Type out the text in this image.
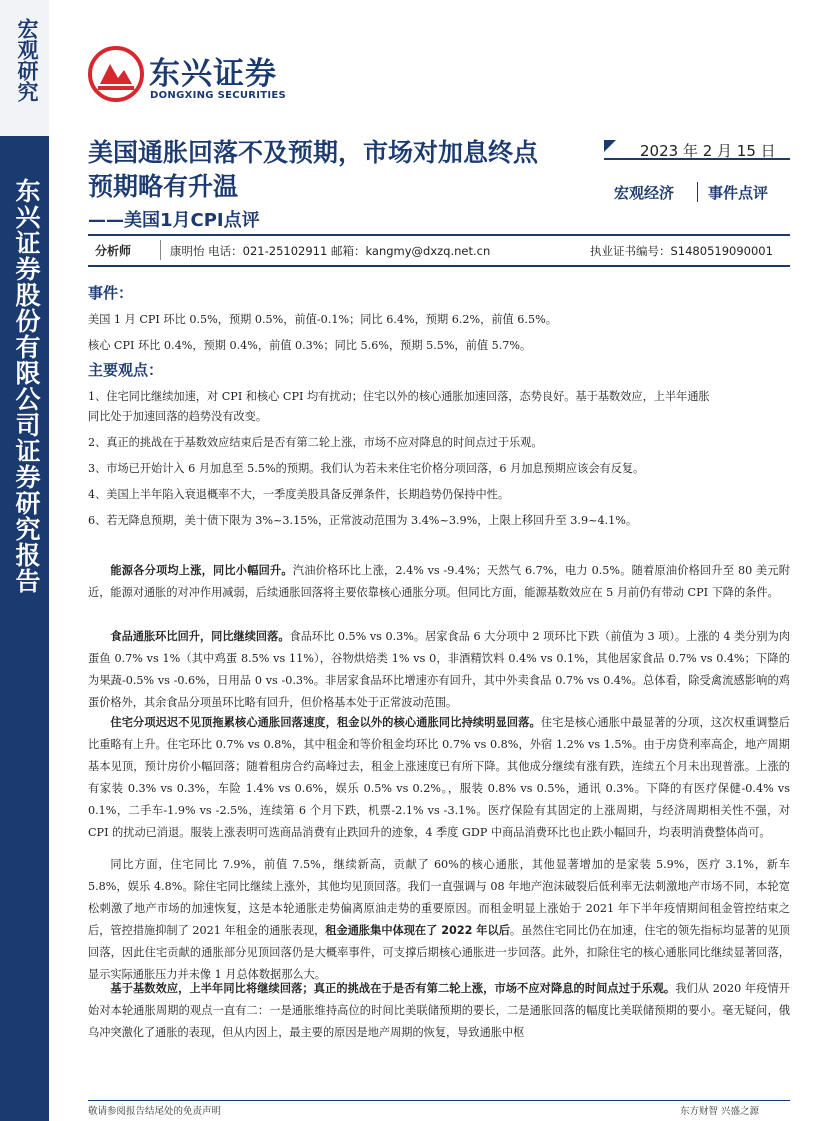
宏观研究
东兴证券股份有限公司证券研究报告
东兴证券
DONGXING SECURITIES
美国通胀回落不及预期，市场对加息终点
预期略有升温
——美国1月CPI点评
2023 年 2 月 15 日
宏观经济 事件点评
分析师	康明怡 电话：021-25102911 邮箱：kangmy@dxzq.net.cn	执业证书编号：S1480519090001
事件：
美国 1 月 CPI 环比 0.5%，预期 0.5%，前值-0.1%；同比 6.4%，预期 6.2%，前值 6.5%。
核心 CPI 环比 0.4%，预期 0.4%，前值 0.3%；同比 5.6%，预期 5.5%，前值 5.7%。
主要观点：
1、住宅同比继续加速，对 CPI 和核心 CPI 均有扰动；住宅以外的核心通胀加速回落，态势良好。基于基数效应，上半年通胀
同比处于加速回落的趋势没有改变。
2、真正的挑战在于基数效应结束后是否有第二轮上涨，市场不应对降息的时间点过于乐观。
3、市场已开始计入 6 月加息至 5.5%的预期。我们认为若未来住宅价格分项回落，6 月加息预期应该会有反复。
4、美国上半年陷入衰退概率不大，一季度美股具备反弹条件，长期趋势仍保持中性。
6、若无降息预期，美十债下限为 3%~3.15%，正常波动范围为 3.4%~3.9%，上限上移回升至 3.9~4.1%。
能源各分项均上涨，同比小幅回升。汽油价格环比上涨，2.4% vs -9.4%；天然气 6.7%，电力 0.5%。随着原油价格回升至 80 美元附近，能源对通胀的对冲作用减弱，后续通胀回落将主要依靠核心通胀分项。但同比方面，能源基数效应在 5 月前仍有带动 CPI 下降的条件。
食品通胀环比回升，同比继续回落。食品环比 0.5% vs 0.3%。居家食品 6 大分项中 2 项环比下跌（前值为 3 项）。上涨的 4 类分别为肉蛋鱼 0.7% vs 1%（其中鸡蛋 8.5% vs 11%），谷物烘焙类 1% vs 0，非酒精饮料 0.4% vs 0.1%，其他居家食品 0.7% vs 0.4%；下降的为果蔬-0.5% vs -0.6%，日用品 0 vs -0.3%。非居家食品环比增速亦有回升，其中外卖食品 0.7% vs 0.4%。总体看，除受禽流感影响的鸡蛋价格外，其余食品分项虽环比略有回升，但价格基本处于正常波动范围。
住宅分项迟迟不见顶拖累核心通胀回落速度，租金以外的核心通胀同比持续明显回落。住宅是核心通胀中最显著的分项，这次权重调整后比重略有上升。住宅环比 0.7% vs 0.8%，其中租金和等价租金均环比 0.7% vs 0.8%，外宿 1.2% vs 1.5%。由于房贷利率高企，地产周期基本见顶，预计房价小幅回落；随着租房合约高峰过去，租金上涨速度已有所下降。其他成分继续有涨有跌，连续五个月未出现普涨。上涨的有家装 0.3% vs 0.3%，车险 1.4% vs 0.6%，娱乐 0.5% vs 0.2%。，服装 0.8% vs 0.5%，通讯 0.3%。下降的有医疗保健-0.4% vs 0.1%，二手车-1.9% vs -2.5%，连续第 6 个月下跌，机票-2.1% vs -3.1%。医疗保险有其固定的上涨周期，与经济周期相关性不强，对 CPI 的扰动已消退。服装上涨表明可选商品消费有止跌回升的迹象，4 季度 GDP 中商品消费环比也止跌小幅回升，均表明消费整体尚可。
同比方面，住宅同比 7.9%，前值 7.5%，继续新高，贡献了 60%的核心通胀，其他显著增加的是家装 5.9%，医疗 3.1%，新车 5.8%，娱乐 4.8%。除住宅同比继续上涨外，其他均见顶回落。我们一直强调与 08 年地产泡沫破裂后低利率无法刺激地产市场不同，本轮宽松刺激了地产市场的加速恢复，这是本轮通胀走势偏离原油走势的重要原因。而租金明显上涨始于 2021 年下半年疫情期间租金管控结束之后，管控措施抑制了 2021 年租金的通胀表现，租金通胀集中体现在了 2022 年以后。虽然住宅同比仍在加速，住宅的领先指标均显著的见顶回落，因此住宅贡献的通胀部分见顶回落仍是大概率事件，可支撑后期核心通胀进一步回落。此外，扣除住宅的核心通胀同比继续显著回落，显示实际通胀压力并未像 1 月总体数据那么大。
基于基数效应，上半年同比将继续回落；真正的挑战在于是否有第二轮上涨，市场不应对降息的时间点过于乐观。我们从 2020 年疫情开始对本轮通胀周期的观点一直有二：一是通胀维持高位的时间比美联储预期的要长，二是通胀回落的幅度比美联储预期的要小。毫无疑问，俄乌冲突激化了通胀的表现，但从内因上，最主要的原因是地产周期的恢复，导致通胀中枢
敬请参阅报告结尾处的免责声明	东方财智 兴盛之源
